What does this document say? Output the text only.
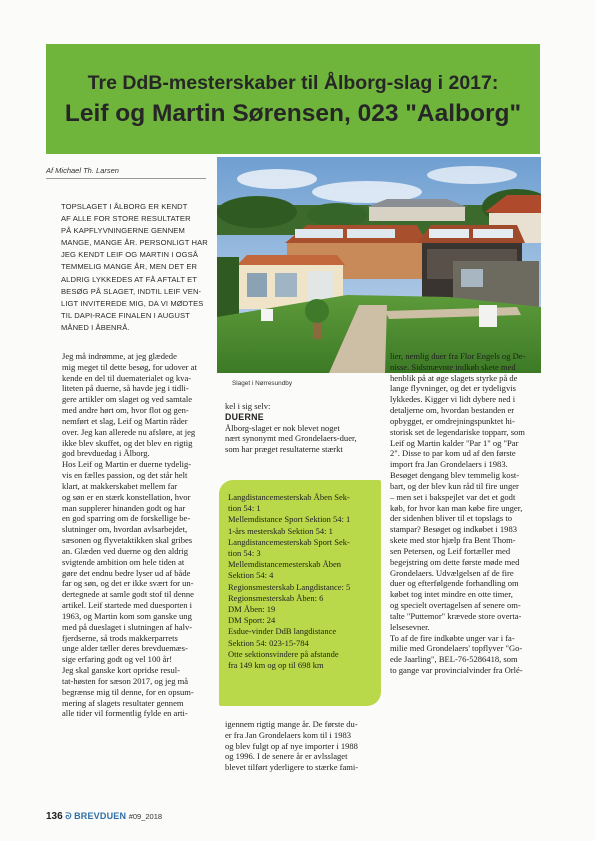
Tre DdB-mesterskaber til Ålborg-slag i 2017:
Leif og Martin Sørensen, 023 "Aalborg"
Af Michael Th. Larsen
TOPSLAGET I ÅLBORG ER KENDT
AF ALLE FOR STORE RESULTATER
PÅ KAPFLYVNINGERNE GENNEM
MANGE, MANGE ÅR. PERSONLIGT HAR
JEG KENDT LEIF OG MARTIN I OGSÅ
TEMMELIG MANGE ÅR, MEN DET ER
ALDRIG LYKKEDES AT FÅ AFTALT ET
BESØG PÅ SLAGET, INDTIL LEIF VEN-
LIGT INVITEREDE MIG, DA VI MØDTES
TIL DAPI-RACE FINALEN I AUGUST
MÅNED I ÅBENRÅ.
Slaget i Nørresundby
Jeg må indrømme, at jeg glædede
mig meget til dette besøg, for udover at
kende en del til duematerialet og kva-
liteten på duerne, så havde jeg i tidli-
gere artikler om slaget og ved samtale
med andre hørt om, hvor flot og gen-
nemført et slag, Leif og Martin råder
over. Jeg kan allerede nu afsløre, at jeg
ikke blev skuffet, og det blev en rigtig
god brevduedag i Ålborg.
Hos Leif og Martin er duerne tydelig-
vis en fælles passion, og det står helt
klart, at makkerskabet mellem far
og søn er en stærk konstellation, hvor
man supplerer hinanden godt og har
en god sparring om de forskellige be-
slutninger om, hvordan avlsarbejdet,
sæsonen og flyvetaktikken skal gribes
an. Glæden ved duerne og den aldrig
svigtende ambition om hele tiden at
gøre det endnu bedre lyser ud af både
far og søn, og det er ikke svært for un-
dertegnede at samle godt stof til denne
artikel. Leif startede med duesporten i
1963, og Martin kom som ganske ung
med på dueslaget i slutningen af halv-
fjerdserne, så trods makkerparrets
unge alder tæller deres brevduemæs-
sige erfaring godt og vel 100 år!
Jeg skal ganske kort opridse resul-
tat-høsten for sæson 2017, og jeg må
begrænse mig til denne, for en opsum-
mering af slagets resultater gennem
alle tider vil formentlig fylde en arti-
kel i sig selv:
DUERNE
Ålborg-slaget er nok blevet noget
nært synonymt med Grondelaers-duer,
som har præget resultaterne stærkt
Langdistancemesterskab Åben Sek-
tion 54: 1
Mellemdistance Sport Sektion 54: 1
1-års mesterskab Sektion 54: 1
Langdistancemesterskab Sport Sek-
tion 54: 3
Mellemdistancemesterskab Åben
Sektion 54: 4
Regionsmesterskab Langdistance: 5
Regionsmesterskab Åben: 6
DM Åben: 19
DM Sport: 24
Esdue-vinder DdB langdistance
Sektion 54: 023-15-784
Otte sektionsvindere på afstande
fra 149 km og op til 698 km
igennem rigtig mange år. De første du-
er fra Jan Grondelaers kom til i 1983
og blev fulgt op af nye importer i 1988
og 1996. I de senere år er avlsslaget
blevet tilført yderligere to stærke fami-
lier, nemlig duer fra Flor Engels og De-
nisse. Sidstnævnte indkøb skete med
henblik på at øge slagets styrke på de
lange flyvninger, og det er tydeligvis
lykkedes. Kigger vi lidt dybere ned i
detaljerne om, hvordan bestanden er
opbygget, er omdrejningspunktet hi-
storisk set de legendariske topparr, som
Leif og Martin kalder "Par 1" og "Par
2". Disse to par kom ud af den første
import fra Jan Grondelaers i 1983.
Besøget dengang blev temmelig kost-
bart, og der blev kun råd til fire unger
– men set i bakspejlet var det et godt
køb, for hvor kan man købe fire unger,
der sidenhen bliver til et topslags to
stampar? Besøget og indkøbet i 1983
skete med stor hjælp fra Bent Thom-
sen Petersen, og Leif fortæller med
begejstring om dette første møde med
Grondelaers. Udvælgelsen af de fire
duer og efterfølgende forhandling om
købet tog intet mindre en otte timer,
og specielt overtagelsen af senere om-
talte "Puttemor" krævede store overta-
lelsesevner.
To af de fire indkøbte unger var i fa-
milie med Grondelaers' topflyver "Go-
ede Jaarling", BEL-76-5286418, som
to gange var provincialvinder fra Orlé-
136 ᘐ BREVDUEN #09_2018
